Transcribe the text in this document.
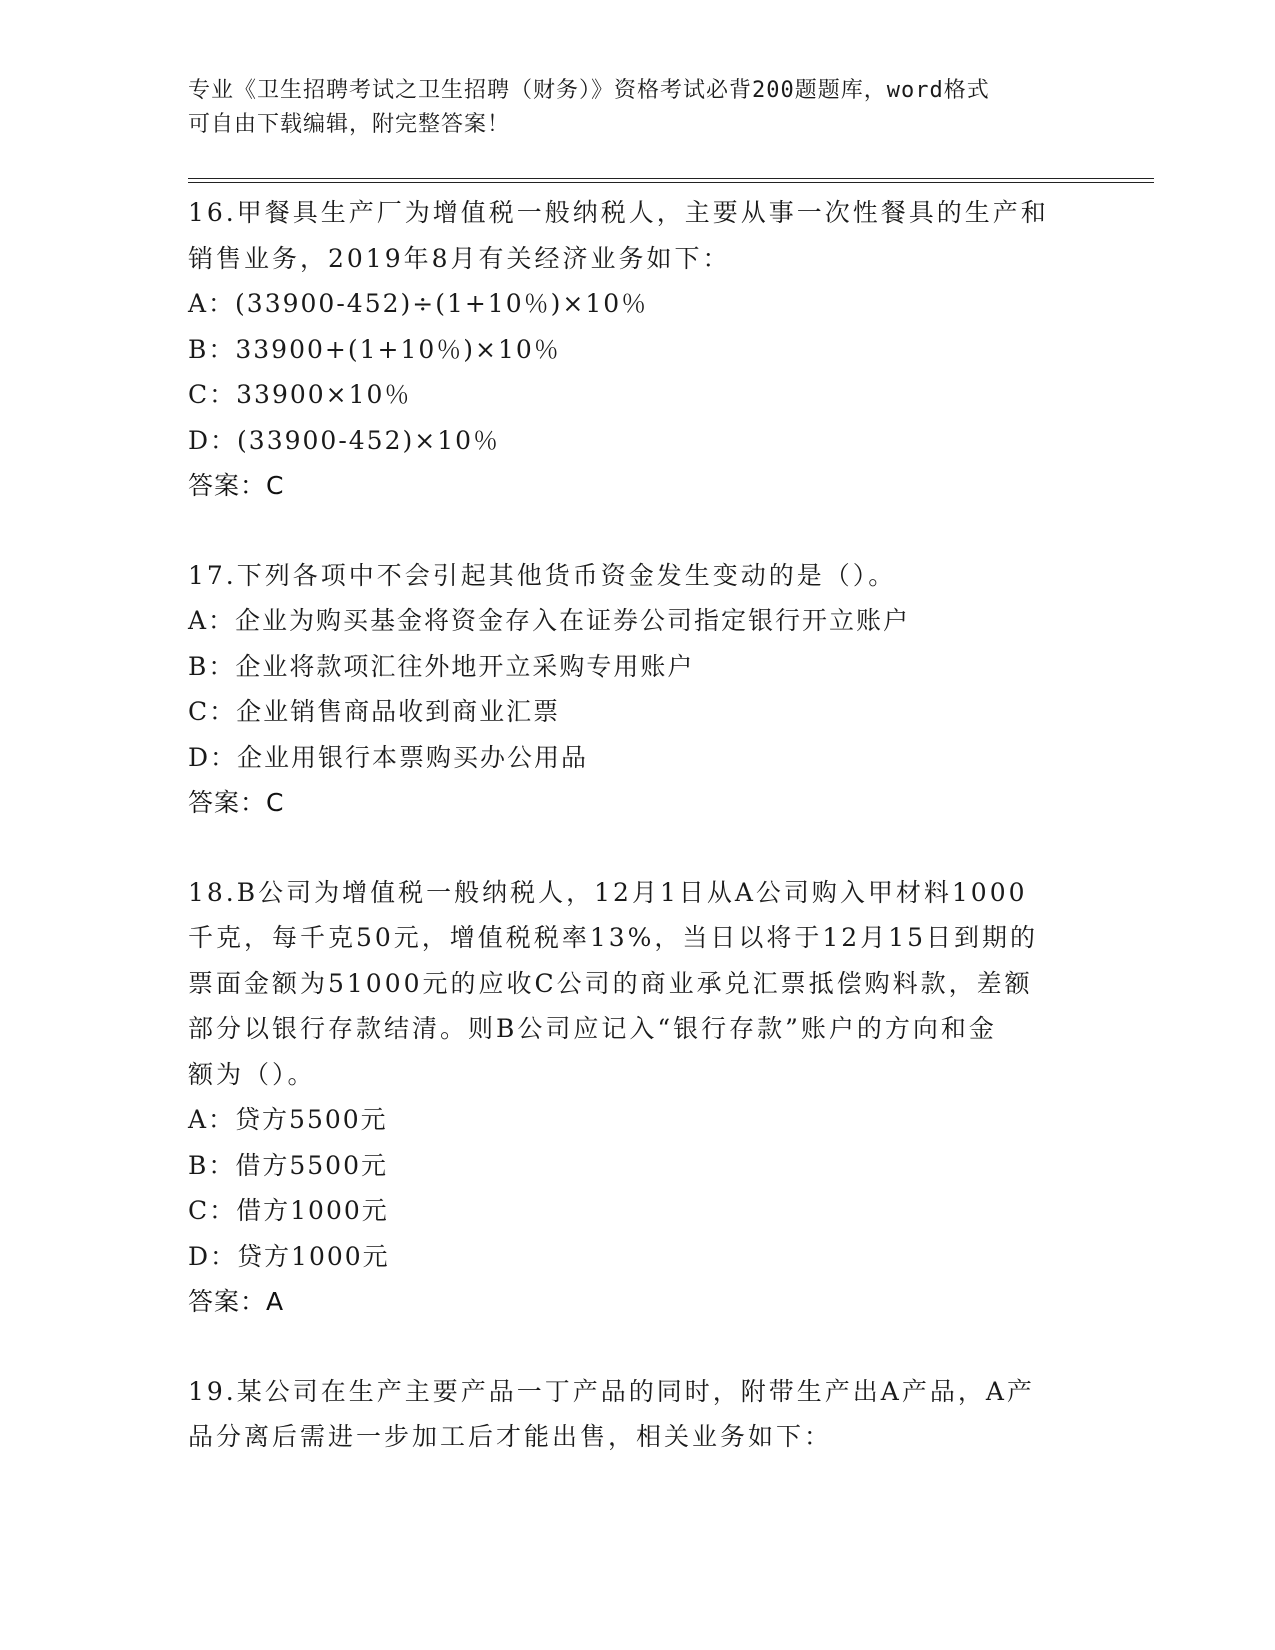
专业《卫生招聘考试之卫生招聘（财务）》资格考试必背200题题库，word格式
可自由下载编辑，附完整答案！

16.甲餐具生产厂为增值税一般纳税人，主要从事一次性餐具的生产和

销售业务，2019年8月有关经济业务如下：

A：(33900-452)÷(1+10％)×10％

B：33900+(1+10％)×10％

C：33900×10％

D：(33900-452)×10％

答案：C

17.下列各项中不会引起其他货币资金发生变动的是（）。

A：企业为购买基金将资金存入在证券公司指定银行开立账户

B：企业将款项汇往外地开立采购专用账户

C：企业销售商品收到商业汇票

D：企业用银行本票购买办公用品

答案：C

18.B公司为增值税一般纳税人，12月1日从A公司购入甲材料1000

千克，每千克50元，增值税税率13%，当日以将于12月15日到期的

票面金额为51000元的应收C公司的商业承兑汇票抵偿购料款，差额

部分以银行存款结清。则B公司应记入“银行存款”账户的方向和金

额为（）。

A：贷方5500元

B：借方5500元

C：借方1000元

D：贷方1000元

答案：A

19.某公司在生产主要产品一丁产品的同时，附带生产出A产品，A产

品分离后需进一步加工后才能出售，相关业务如下：
